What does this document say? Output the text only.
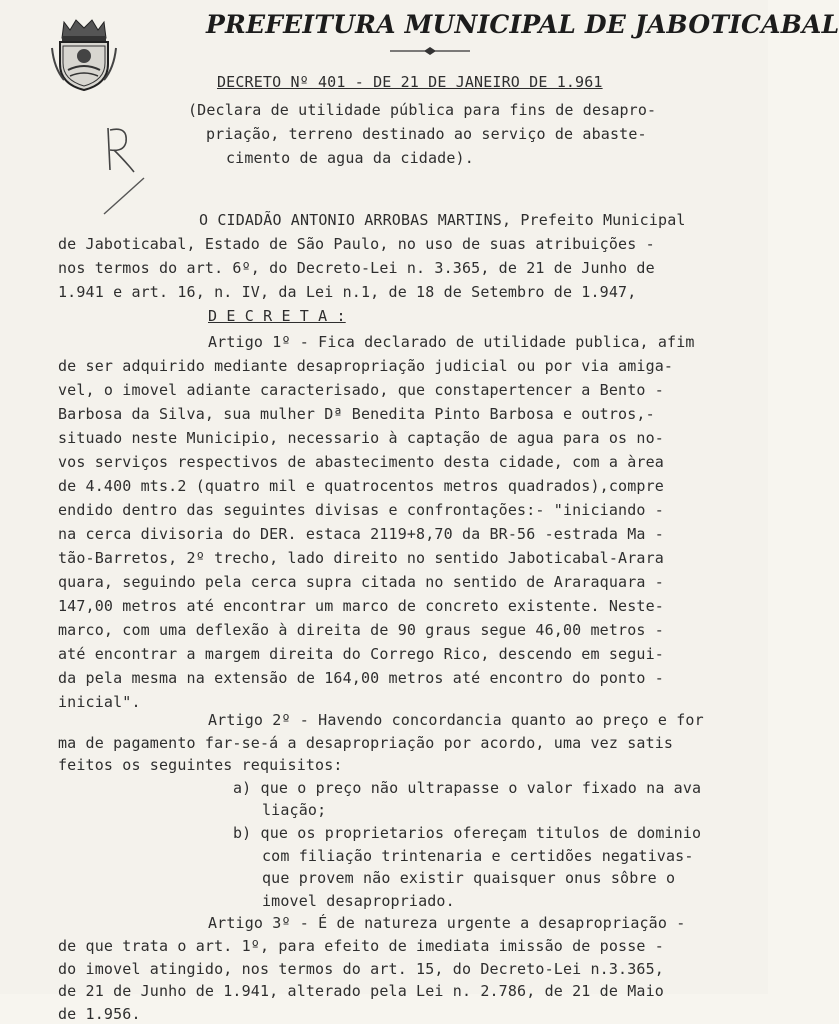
PREFEITURA MUNICIPAL DE JABOTICABAL
DECRETO Nº 401 - DE 21 DE JANEIRO DE 1.961
(Declara de utilidade pública para fins de desapro-
priação, terreno destinado ao serviço de abaste-
cimento de agua da cidade).
O CIDADÃO ANTONIO ARROBAS MARTINS, Prefeito Municipal
de Jaboticabal, Estado de São Paulo, no uso de suas atribuições -
nos termos do art. 6º, do Decreto-Lei n. 3.365, de 21 de Junho de
1.941 e art. 16, n. IV, da Lei n.1, de 18 de Setembro de 1.947,
D E C R E T A :
Artigo 1º - Fica declarado de utilidade publica, afim
de ser adquirido mediante desapropriação judicial ou por via amiga-
vel, o imovel adiante caracterisado, que constapertencer a Bento -
Barbosa da Silva, sua mulher Dª Benedita Pinto Barbosa e outros,-
situado neste Municipio, necessario à captação de agua para os no-
vos serviços respectivos de abastecimento desta cidade, com a àrea
de 4.400 mts.2 (quatro mil e quatrocentos metros quadrados),compre
endido dentro das seguintes divisas e confrontações:- "iniciando -
na cerca divisoria do DER. estaca 2119+8,70 da BR-56 -estrada Ma -
tão-Barretos, 2º trecho, lado direito no sentido Jaboticabal-Arara
quara, seguindo pela cerca supra citada no sentido de Araraquara -
147,00 metros até encontrar um marco de concreto existente. Neste-
marco, com uma deflexão à direita de 90 graus segue 46,00 metros -
até encontrar a margem direita do Corrego Rico, descendo em segui-
da pela mesma na extensão de 164,00 metros até encontro do ponto -
inicial".
Artigo 2º - Havendo concordancia quanto ao preço e for
ma de pagamento far-se-á a desapropriação por acordo, uma vez satis
feitos os seguintes requisitos:
a) que o preço não ultrapasse o valor fixado na ava
liação;
b) que os proprietarios ofereçam titulos de dominio
com filiação trintenaria e certidões negativas-
que provem não existir quaisquer onus sôbre o
imovel desapropriado.
Artigo 3º - É de natureza urgente a desapropriação -
de que trata o art. 1º, para efeito de imediata imissão de posse -
do imovel atingido, nos termos do art. 15, do Decreto-Lei n.3.365,
de 21 de Junho de 1.941, alterado pela Lei n. 2.786, de 21 de Maio
de 1.956.
